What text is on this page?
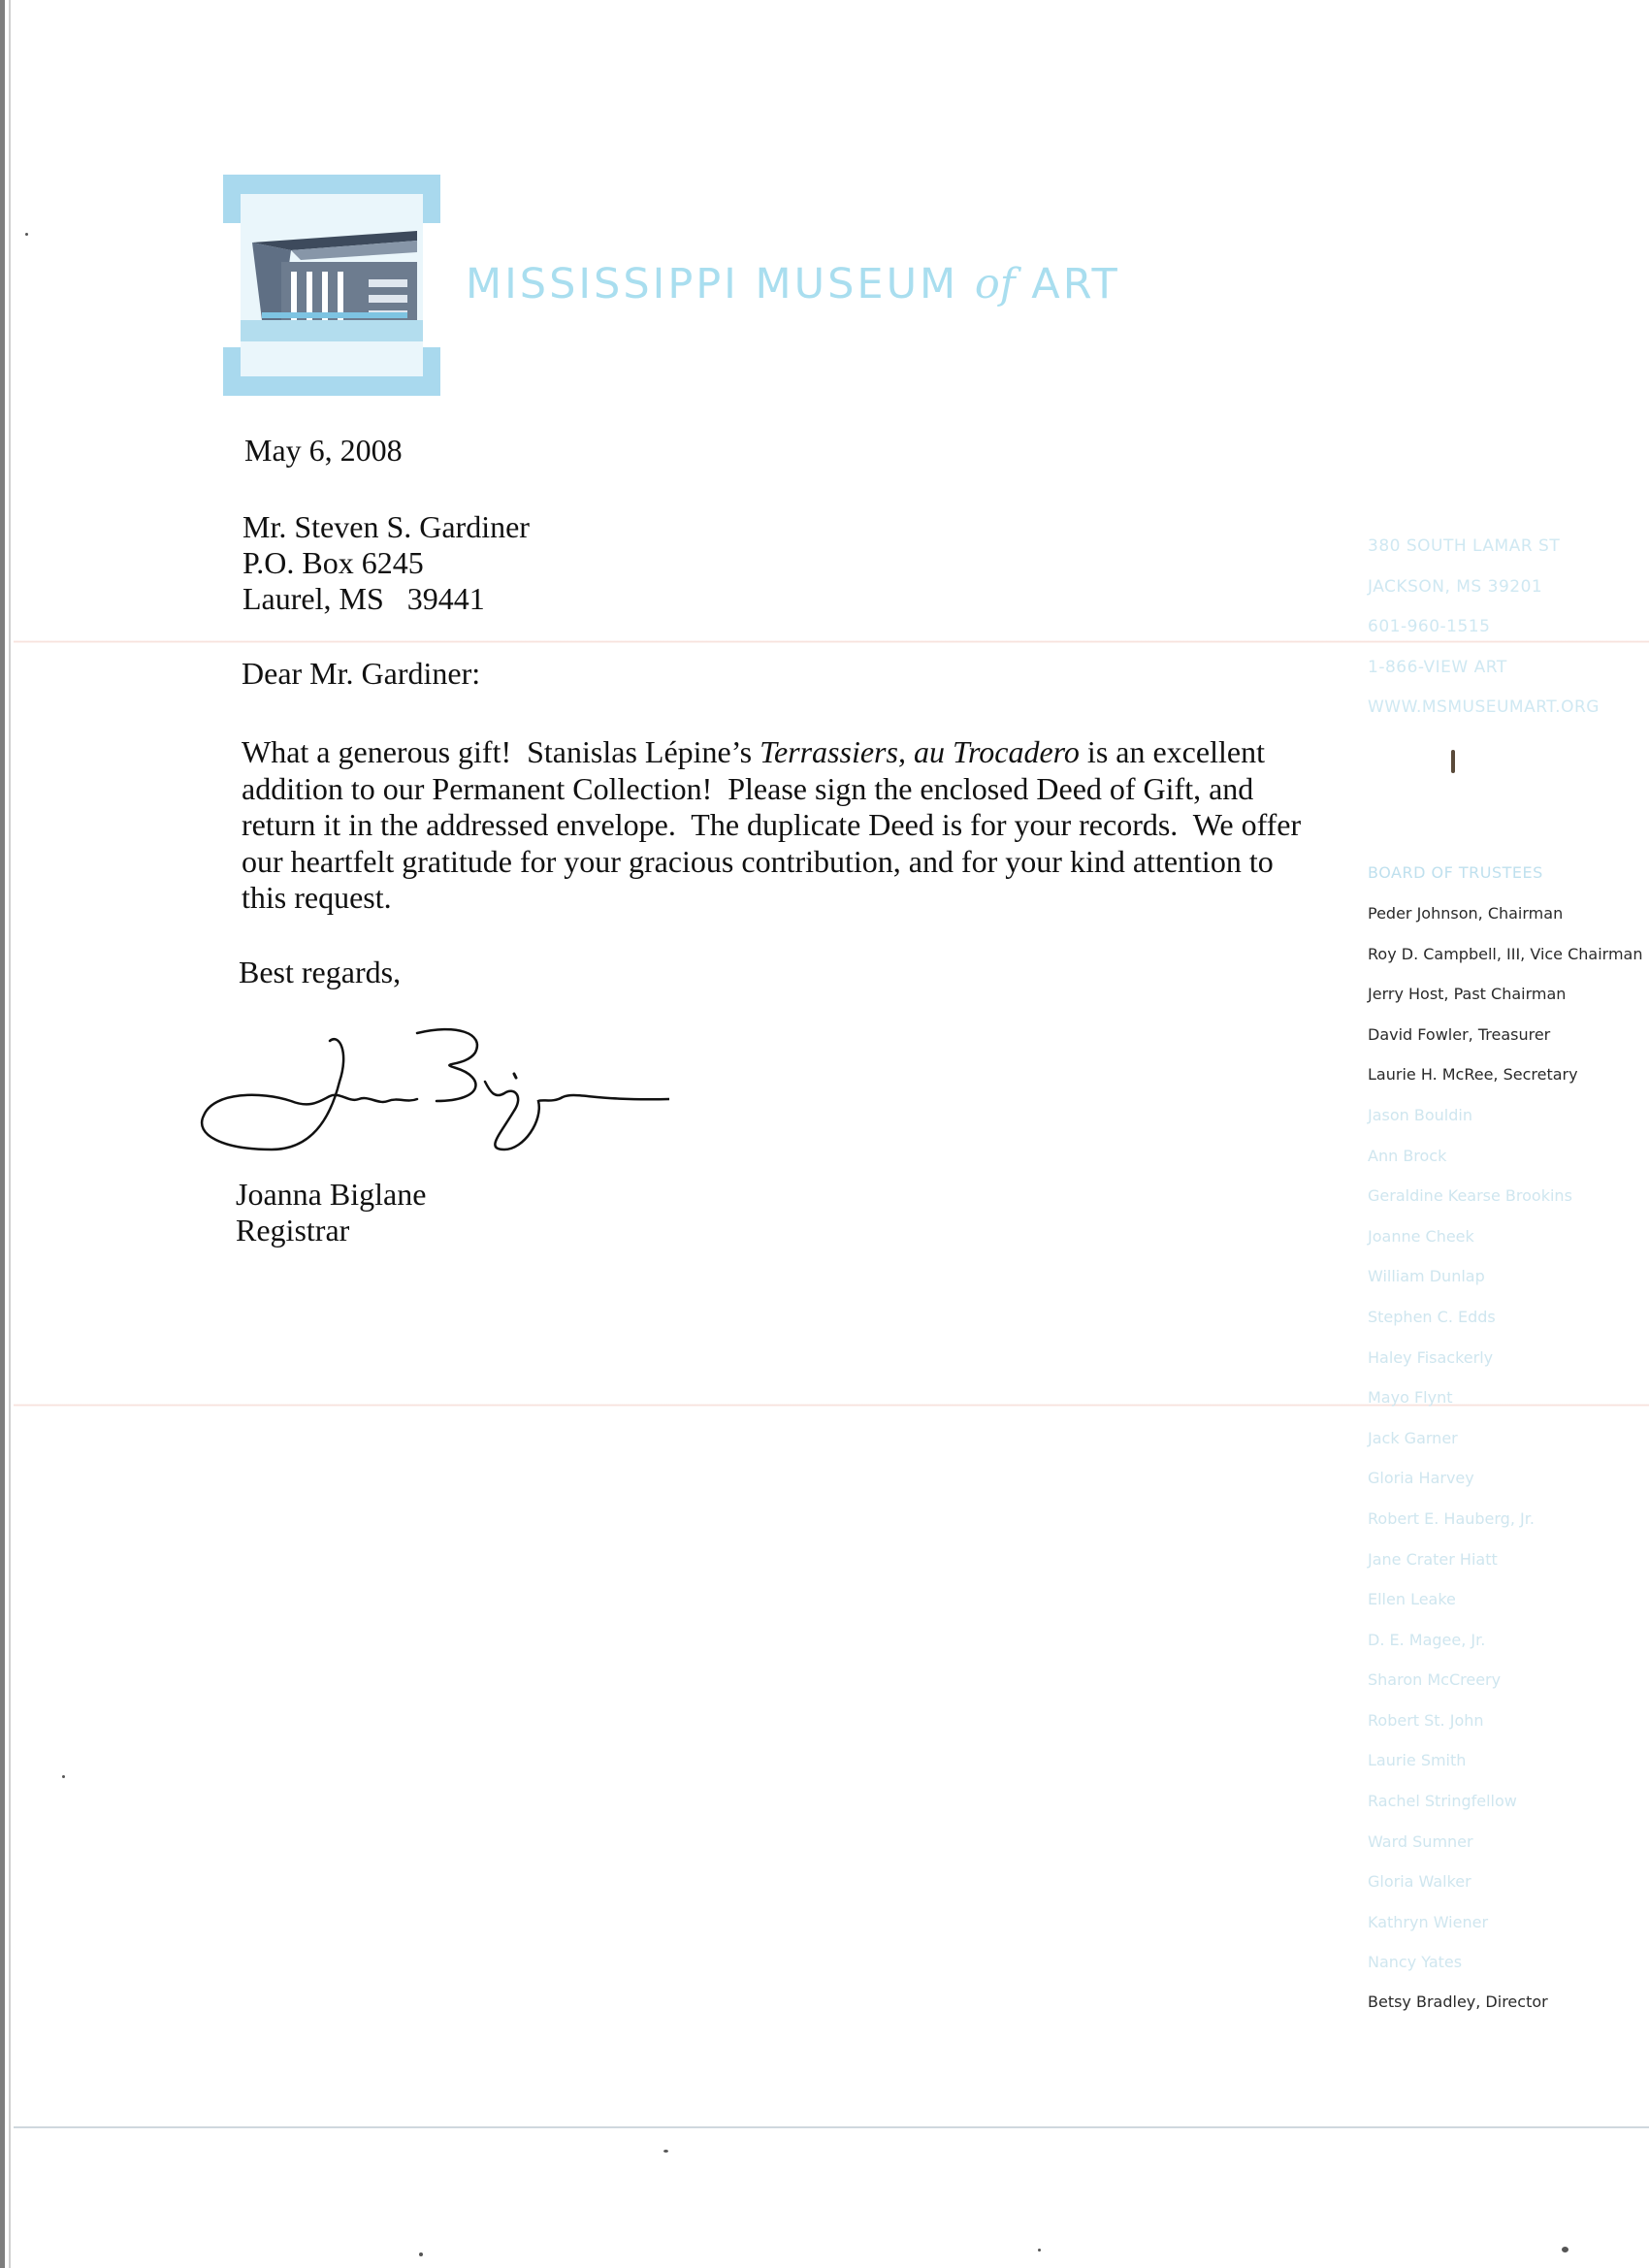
MISSISSIPPI MUSEUM of ART
May 6, 2008
Mr. Steven S. Gardiner
P.O. Box 6245
Laurel, MS   39441
Dear Mr. Gardiner:

What a generous gift!  Stanislas Lépine’s Terrassiers, au Trocadero is an excellent addition to our Permanent Collection!  Please sign the enclosed Deed of Gift, and return it in the addressed envelope.  The duplicate Deed is for your records.  We offer our heartfelt gratitude for your gracious contribution, and for your kind attention to this request.

Best regards,
Joanna Biglane
Registrar
380 SOUTH LAMAR ST
JACKSON, MS 39201
601-960-1515
1-866-VIEW ART
WWW.MSMUSEUMART.ORG
BOARD OF TRUSTEES
Peder Johnson, Chairman
Roy D. Campbell, III, Vice Chairman
Jerry Host, Past Chairman
David Fowler, Treasurer
Laurie H. McRee, Secretary
Jason Bouldin
Ann Brock
Geraldine Kearse Brookins
Joanne Cheek
William Dunlap
Stephen C. Edds
Haley Fisackerly
Mayo Flynt
Jack Garner
Gloria Harvey
Robert E. Hauberg, Jr.
Jane Crater Hiatt
Ellen Leake
D. E. Magee, Jr.
Sharon McCreery
Robert St. John
Laurie Smith
Rachel Stringfellow
Ward Sumner
Gloria Walker
Kathryn Wiener
Nancy Yates
Betsy Bradley, Director
